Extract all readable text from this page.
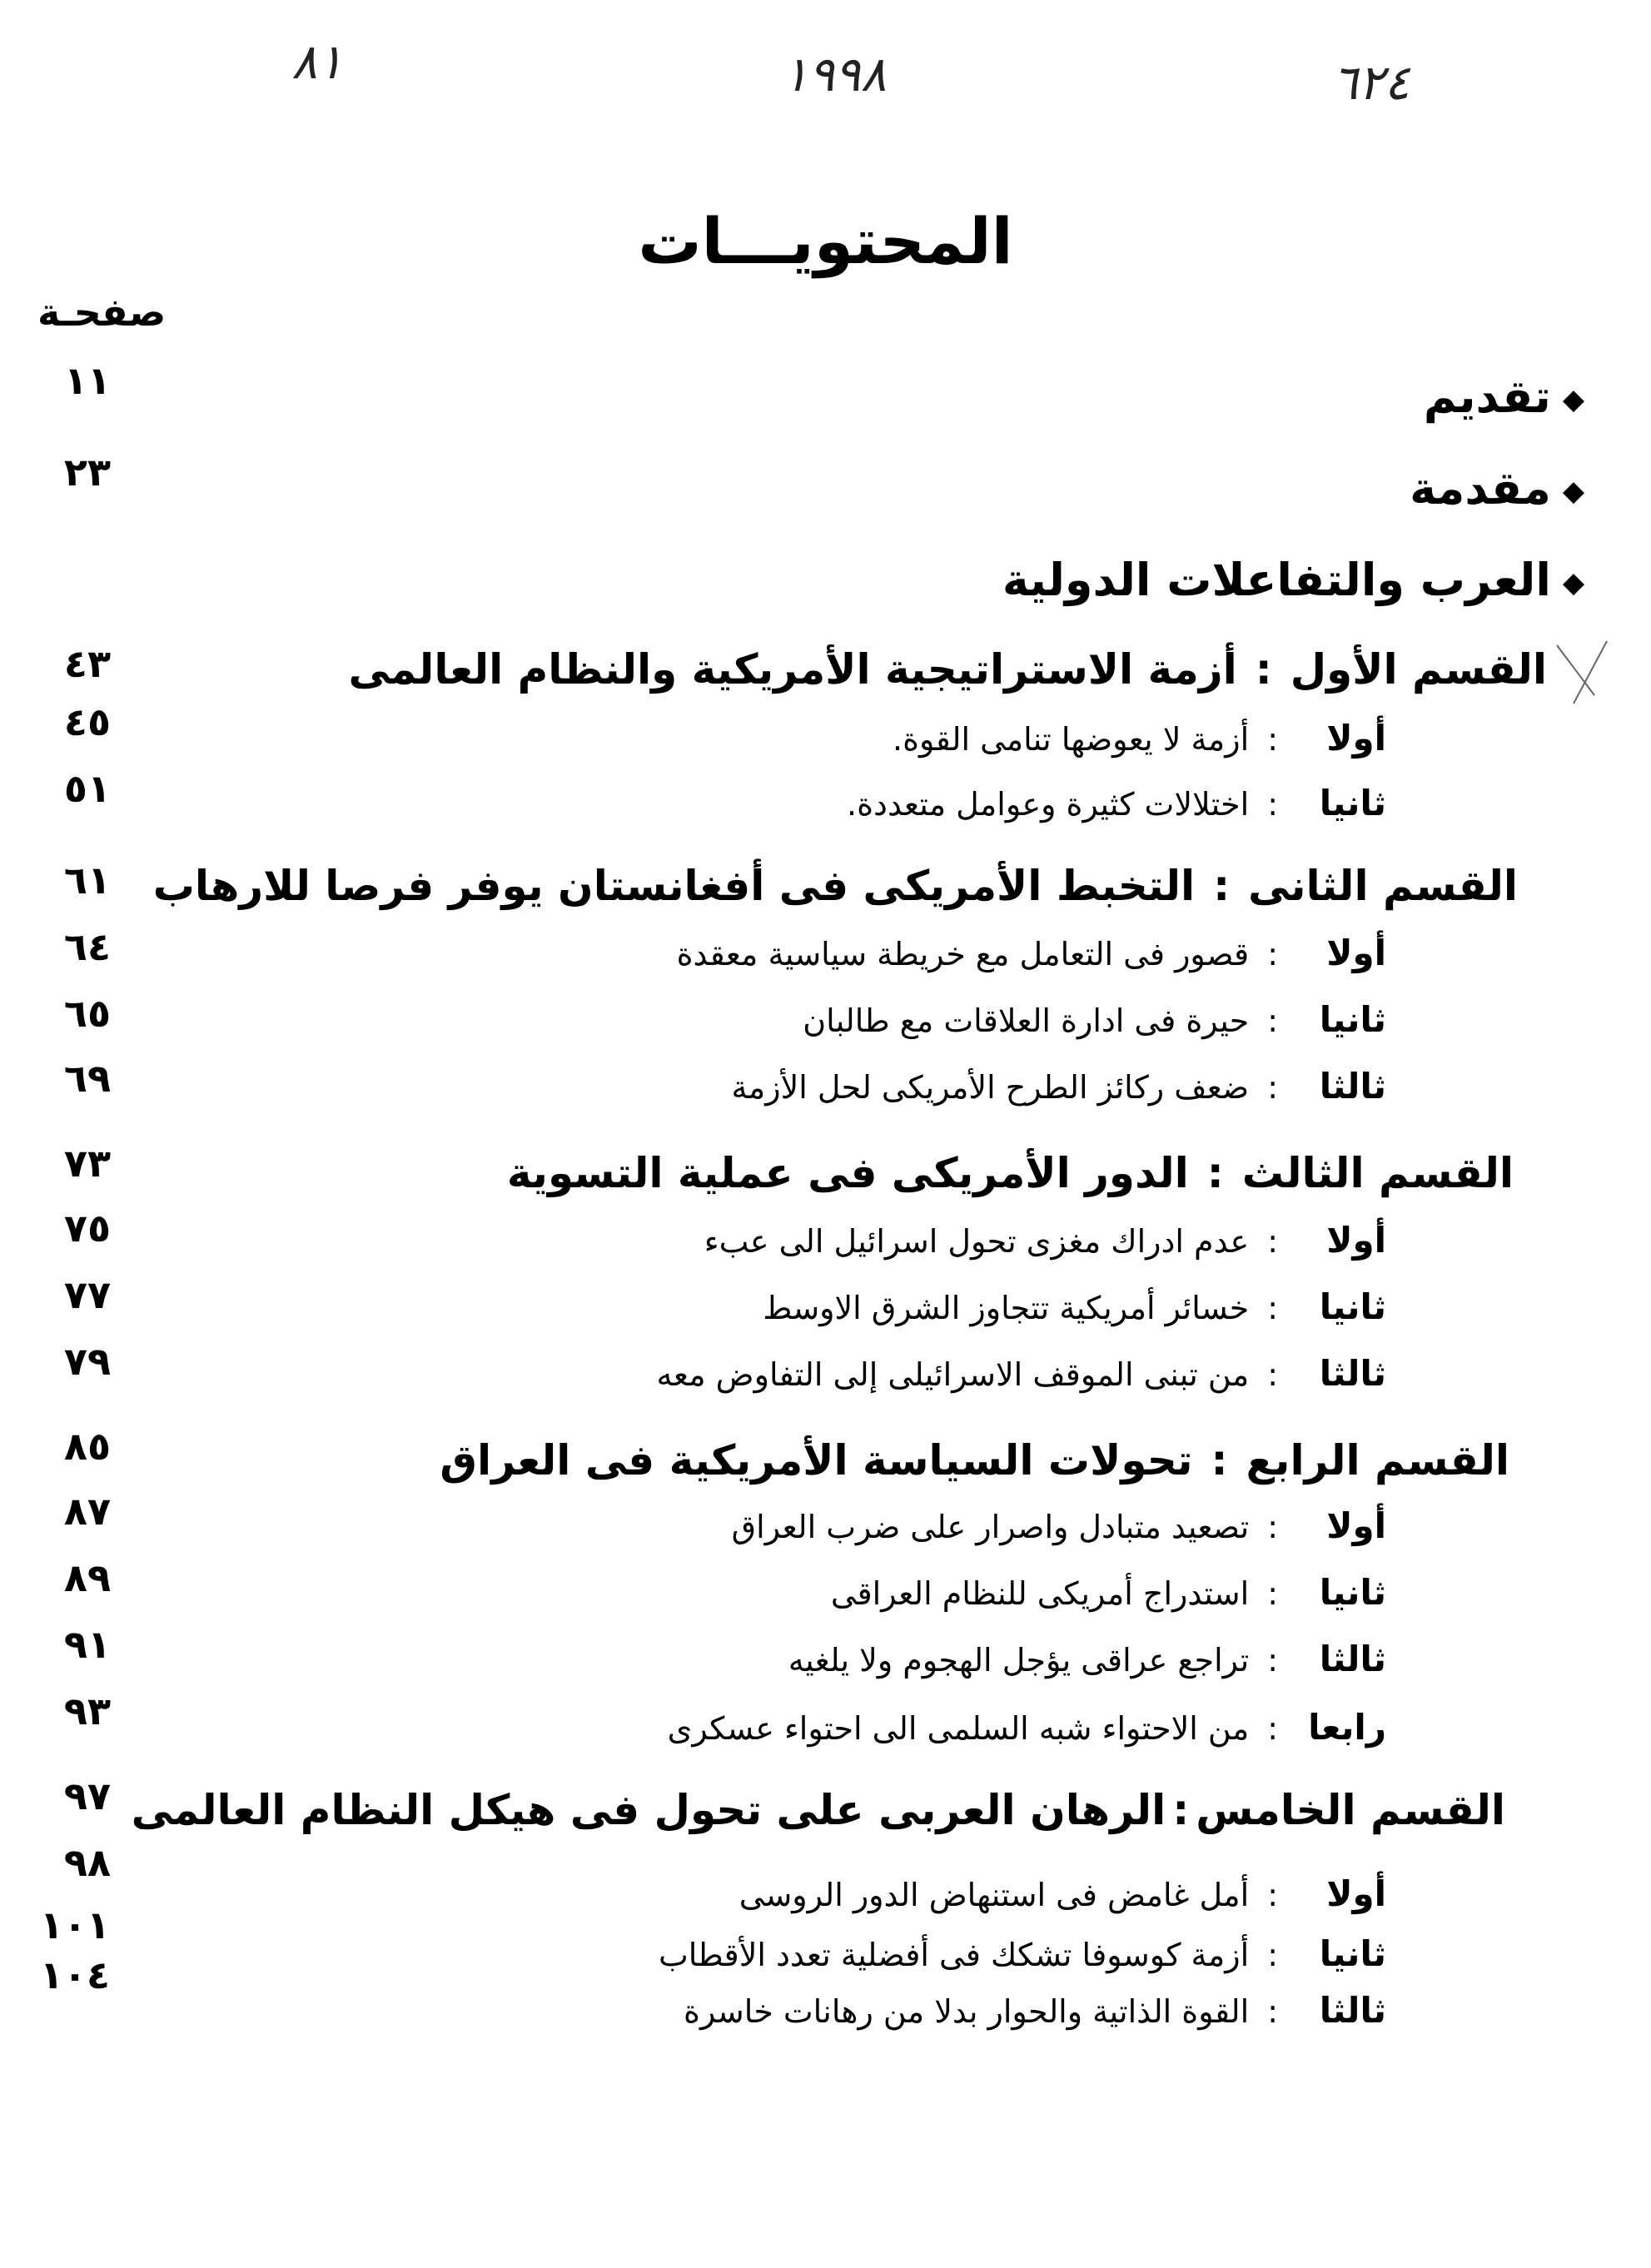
٨١	١٩٩٨	٦٢٤
المحتويـــات
صفحـة
◆تقديم
١١
◆مقدمة
٢٣
◆العرب والتفاعلات الدولية
القسم الأول:أزمة الاستراتيجية الأمريكية والنظام العالمى
٤٣
أولا:أزمة لا يعوضها تنامى القوة.
٤٥
ثانيا:اختلالات كثيرة وعوامل متعددة.
٥١
القسم الثانى:التخبط الأمريكى فى أفغانستان يوفر فرصا للارهاب
٦١
أولا:قصور فى التعامل مع خريطة سياسية معقدة
٦٤
ثانيا:حيرة فى ادارة العلاقات مع طالبان
٦٥
ثالثا:ضعف ركائز الطرح الأمريكى لحل الأزمة
٦٩
القسم الثالث:الدور الأمريكى فى عملية التسوية
٧٣
أولا:عدم ادراك مغزى تحول اسرائيل الى عبء
٧٥
ثانيا:خسائر أمريكية تتجاوز الشرق الاوسط
٧٧
ثالثا:من تبنى الموقف الاسرائيلى إلى التفاوض معه
٧٩
القسم الرابع:تحولات السياسة الأمريكية فى العراق
٨٥
أولا:تصعيد متبادل واصرار على ضرب العراق
٨٧
ثانيا:استدراج أمريكى للنظام العراقى
٨٩
ثالثا:تراجع عراقى يؤجل الهجوم ولا يلغيه
٩١
رابعا:من الاحتواء شبه السلمى الى احتواء عسكرى
٩٣
القسم الخامس:الرهان العربى على تحول فى هيكل النظام العالمى
٩٧
٩٨
أولا:أمل غامض فى استنهاض الدور الروسى
١٠١
ثانيا:أزمة كوسوفا تشكك فى أفضلية تعدد الأقطاب
١٠٤
ثالثا:القوة الذاتية والحوار بدلا من رهانات خاسرة
